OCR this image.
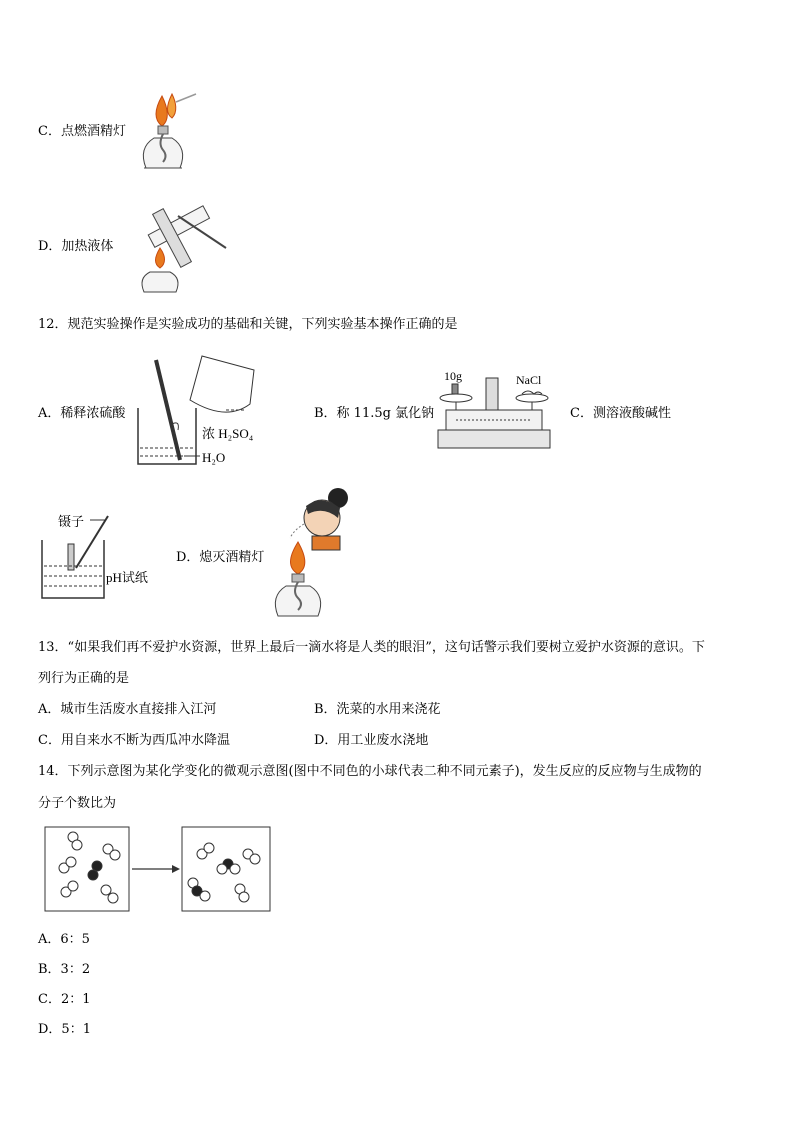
C．点燃酒精灯
D．加热液体
12．规范实验操作是实验成功的基础和关键，下列实验基本操作正确的是
A．稀释浓硫酸
浓 H₂SO₄
H₂O
B．称 11.5g 氯化钠
10g	NaCl
C．测溶液酸碱性
镊子
pH试纸
D．熄灭酒精灯
13．“如果我们再不爱护水资源，世界上最后一滴水将是人类的眼泪”，这句话警示我们要树立爱护水资源的意识。下
列行为正确的是
A．城市生活废水直接排入江河	B．洗菜的水用来浇花
C．用自来水不断为西瓜冲水降温	D．用工业废水浇地
14．下列示意图为某化学变化的微观示意图(图中不同色的小球代表二种不同元素子)，发生反应的反应物与生成物的
分子个数比为
A．6：5
B．3：2
C．2：1
D．5：1
